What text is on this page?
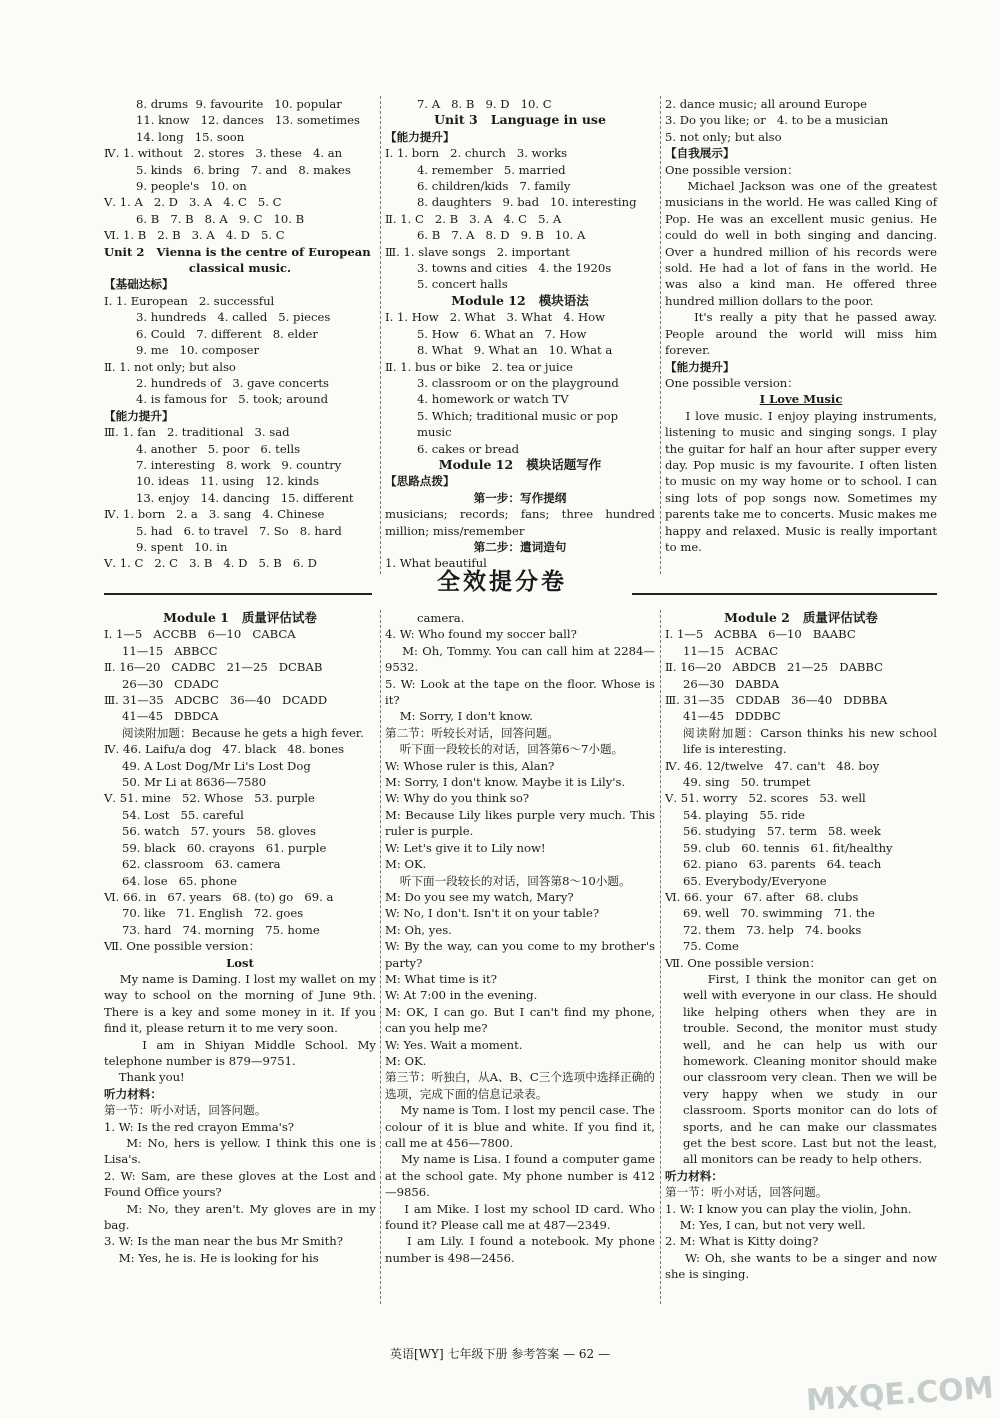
8. drums  9. favourite   10. popular

11. know   12. dances   13. sometimes

14. long   15. soon

Ⅳ. 1. without   2. stores   3. these   4. an

5. kinds   6. bring   7. and   8. makes

9. people's   10. on

Ⅴ. 1. A   2. D   3. A   4. C   5. C

6. B   7. B   8. A   9. C   10. B

Ⅵ. 1. B   2. B   3. A   4. D   5. C

Unit 2   Vienna is the centre of European

classical music.

【基础达标】

Ⅰ. 1. European   2. successful

3. hundreds   4. called   5. pieces

6. Could   7. different   8. elder

9. me   10. composer

Ⅱ. 1. not only; but also

2. hundreds of   3. gave concerts

4. is famous for   5. took; around

【能力提升】

Ⅲ. 1. fan   2. traditional   3. sad

4. another   5. poor   6. tells

7. interesting   8. work   9. country

10. ideas   11. using   12. kinds

13. enjoy   14. dancing   15. different

Ⅳ. 1. born   2. a   3. sang   4. Chinese

5. had   6. to travel   7. So   8. hard

9. spent   10. in

Ⅴ. 1. C   2. C   3. B   4. D   5. B   6. D

7. A   8. B   9. D   10. C

Unit 3   Language in use

【能力提升】

Ⅰ. 1. born   2. church   3. works

4. remember   5. married

6. children/kids   7. family

8. daughters   9. bad   10. interesting

Ⅱ. 1. C   2. B   3. A   4. C   5. A

6. B   7. A   8. D   9. B   10. A

Ⅲ. 1. slave songs   2. important

3. towns and cities   4. the 1920s

5. concert halls

Module 12   模块语法

Ⅰ. 1. How   2. What   3. What   4. How

5. How   6. What an   7. How

8. What   9. What an   10. What a

Ⅱ. 1. bus or bike   2. tea or juice

3. classroom or on the playground

4. homework or watch TV

5. Which; traditional music or pop music

6. cakes or bread

Module 12   模块话题写作

【思路点拨】

第一步：写作提纲

musicians; records; fans; three hundred million; miss/remember

第二步：遣词造句

1. What beautiful

2. dance music; all around Europe

3. Do you like; or   4. to be a musician

5. not only; but also

【自我展示】

One possible version：

Michael Jackson was one of the greatest musicians in the world. He was called King of Pop. He was an excellent music genius. He could do well in both singing and dancing. Over a hundred million of his records were sold. He had a lot of fans in the world. He was also a kind man. He offered three hundred million dollars to the poor.

It's really a pity that he passed away. People around the world will miss him forever.

【能力提升】

One possible version：

I Love Music

I love music. I enjoy playing instruments, listening to music and singing songs. I play the guitar for half an hour after supper every day. Pop music is my favourite. I often listen to music on my way home or to school. I can sing lots of pop songs now. Sometimes my parents take me to concerts. Music makes me happy and relaxed. Music is really important to me.

全效提分卷

Module 1   质量评估试卷

Ⅰ. 1—5   ACCBB   6—10   CABCA

11—15   ABBCC

Ⅱ. 16—20   CADBC   21—25   DCBAB

26—30   CDADC

Ⅲ. 31—35   ADCBC   36—40   DCADD

41—45   DBDCA

阅读附加题：Because he gets a high fever.

Ⅳ. 46. Laifu/a dog   47. black   48. bones

49. A Lost Dog/Mr Li's Lost Dog

50. Mr Li at 8636—7580

Ⅴ. 51. mine   52. Whose   53. purple

54. Lost   55. careful

56. watch   57. yours   58. gloves

59. black   60. crayons   61. purple

62. classroom   63. camera

64. lose   65. phone

Ⅵ. 66. in   67. years   68. (to) go   69. a

70. like   71. English   72. goes

73. hard   74. morning   75. home

Ⅶ. One possible version：

Lost

My name is Daming. I lost my wallet on my way to school on the morning of June 9th. There is a key and some money in it. If you find it, please return it to me very soon.

I am in Shiyan Middle School. My telephone number is 879—9751.

Thank you!

听力材料：

第一节：听小对话，回答问题。

1. W: Is the red crayon Emma's?

M: No, hers is yellow. I think this one is Lisa's.

2. W: Sam, are these gloves at the Lost and Found Office yours?

M: No, they aren't. My gloves are in my bag.

3. W: Is the man near the bus Mr Smith?

M: Yes, he is. He is looking for his

camera.

4. W: Who found my soccer ball?

M: Oh, Tommy. You can call him at 2284—9532.

5. W: Look at the tape on the floor. Whose is it?

M: Sorry, I don't know.

第二节：听较长对话，回答问题。

听下面一段较长的对话，回答第6～7小题。

W: Whose ruler is this, Alan?

M: Sorry, I don't know. Maybe it is Lily's.

W: Why do you think so?

M: Because Lily likes purple very much. This ruler is purple.

W: Let's give it to Lily now!

M: OK.

听下面一段较长的对话，回答第8～10小题。

M: Do you see my watch, Mary?

W: No, I don't. Isn't it on your table?

M: Oh, yes.

W: By the way, can you come to my brother's party?

M: What time is it?

W: At 7:00 in the evening.

M: OK, I can go. But I can't find my phone, can you help me?

W: Yes. Wait a moment.

M: OK.

第三节：听独白，从A、B、C三个选项中选择正确的选项，完成下面的信息记录表。

My name is Tom. I lost my pencil case. The colour of it is blue and white. If you find it, call me at 456—7800.

My name is Lisa. I found a computer game at the school gate. My phone number is 412—9856.

I am Mike. I lost my school ID card. Who found it? Please call me at 487—2349.

I am Lily. I found a notebook. My phone number is 498—2456.

Module 2   质量评估试卷

Ⅰ. 1—5   ACBBA   6—10   BAABC

11—15   ACBAC

Ⅱ. 16—20   ABDCB   21—25   DABBC

26—30   DABDA

Ⅲ. 31—35   CDDAB   36—40   DDBBA

41—45   DDDBC

阅读附加题：Carson thinks his new school life is interesting.

Ⅳ. 46. 12/twelve   47. can't   48. boy

49. sing   50. trumpet

Ⅴ. 51. worry   52. scores   53. well

54. playing   55. ride

56. studying   57. term   58. week

59. club   60. tennis   61. fit/healthy

62. piano   63. parents   64. teach

65. Everybody/Everyone

Ⅵ. 66. your   67. after   68. clubs

69. well   70. swimming   71. the

72. them   73. help   74. books

75. Come

Ⅶ. One possible version：

First, I think the monitor can get on well with everyone in our class. He should like helping others when they are in trouble. Second, the monitor must study well, and he can help us with our homework. Cleaning monitor should make our classroom very clean. Then we will be very happy when we study in our classroom. Sports monitor can do lots of sports, and he can make our classmates get the best score. Last but not the least, all monitors can be ready to help others.

听力材料：

第一节：听小对话，回答问题。

1. W: I know you can play the violin, John.

M: Yes, I can, but not very well.

2. M: What is Kitty doing?

W: Oh, she wants to be a singer and now she is singing.

英语[WY] 七年级下册 参考答案 — 62 —
MXQE.COM
